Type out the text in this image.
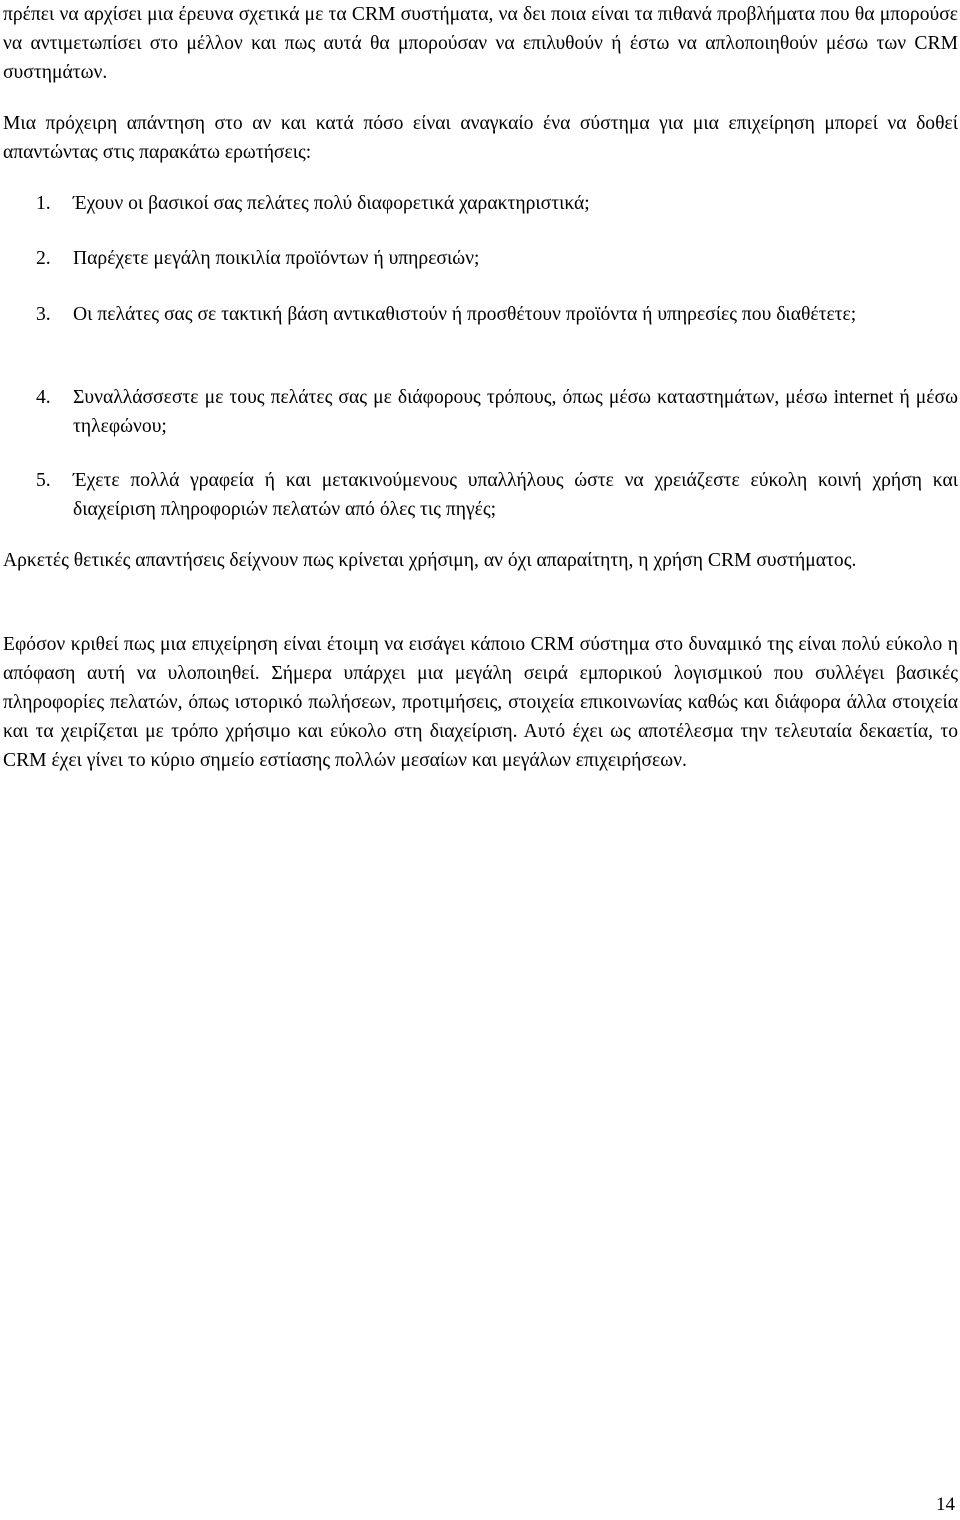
πρέπει να αρχίσει μια έρευνα σχετικά με τα CRM συστήματα, να δει ποια είναι τα πιθανά προβλήματα που θα μπορούσε να αντιμετωπίσει στο μέλλον και πως αυτά θα μπορούσαν να επιλυθούν ή έστω να απλοποιηθούν μέσω των CRM συστημάτων.

Μια πρόχειρη απάντηση στο αν και κατά πόσο είναι αναγκαίο ένα σύστημα για μια επιχείρηση μπορεί να δοθεί απαντώντας στις παρακάτω ερωτήσεις:

1. Έχουν οι βασικοί σας πελάτες πολύ διαφορετικά χαρακτηριστικά;
2. Παρέχετε μεγάλη ποικιλία προϊόντων ή υπηρεσιών;
3. Οι πελάτες σας σε τακτική βάση αντικαθιστούν ή προσθέτουν προϊόντα ή υπηρεσίες που διαθέτετε;
4. Συναλλάσσεστε με τους πελάτες σας με διάφορους τρόπους, όπως μέσω καταστημάτων, μέσω internet ή μέσω τηλεφώνου;
5. Έχετε πολλά γραφεία ή και μετακινούμενους υπαλλήλους ώστε να χρειάζεστε εύκολη κοινή χρήση και διαχείριση πληροφοριών πελατών από όλες τις πηγές;

Αρκετές θετικές απαντήσεις δείχνουν πως κρίνεται χρήσιμη, αν όχι απαραίτητη, η χρήση CRM συστήματος.

Εφόσον κριθεί πως μια επιχείρηση είναι έτοιμη να εισάγει κάποιο CRM σύστημα στο δυναμικό της είναι πολύ εύκολο η απόφαση αυτή να υλοποιηθεί. Σήμερα υπάρχει μια μεγάλη σειρά εμπορικού λογισμικού που συλλέγει βασικές πληροφορίες πελατών, όπως ιστορικό πωλήσεων, προτιμήσεις, στοιχεία επικοινωνίας καθώς και διάφορα άλλα στοιχεία και τα χειρίζεται με τρόπο χρήσιμο και εύκολο στη διαχείριση. Αυτό έχει ως αποτέλεσμα την τελευταία δεκαετία, το CRM έχει γίνει το κύριο σημείο εστίασης πολλών μεσαίων και μεγάλων επιχειρήσεων.

14
